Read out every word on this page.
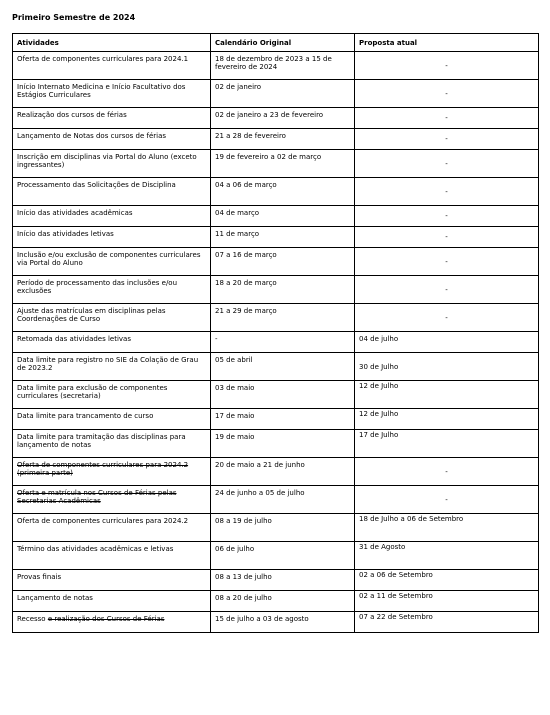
Primeiro Semestre de 2024
Atividades	Calendário Original	Proposta atual
Oferta de componentes curriculares para 2024.1	18 de dezembro de 2023 a 15 de fevereiro de 2024	-
Início Internato Medicina e Início Facultativo dos Estágios Curriculares	02 de janeiro	-
Realização dos cursos de férias	02 de janeiro a 23 de fevereiro	-
Lançamento de Notas dos cursos de férias	21 a 28 de fevereiro	-
Inscrição em disciplinas via Portal do Aluno (exceto ingressantes)	19 de fevereiro a 02 de março	-
Processamento das Solicitações de Disciplina	04 a 06 de março	-
Início das atividades acadêmicas	04 de março	-
Início das atividades letivas	11 de março	-
Inclusão e/ou exclusão de componentes curriculares via Portal do Aluno	07 a 16 de março	-
Período de processamento das inclusões e/ou exclusões	18 a 20 de março	-
Ajuste das matrículas em disciplinas pelas Coordenações de Curso	21 a 29 de março	-
Retomada das atividades letivas	-	04 de julho
Data limite para registro no SIE da Colação de Grau de 2023.2	05 de abril	30 de Julho
Data limite para exclusão de componentes curriculares (secretaria)	03 de maio	12 de Julho
Data limite para trancamento de curso	17 de maio	12 de Julho
Data limite para tramitação das disciplinas para lançamento de notas	19 de maio	17 de Julho
Oferta de componentes curriculares para 2024.2 (primeira parte)	20 de maio a 21 de junho	-
Oferta e matrícula nos Cursos de Férias pelas Secretarias Acadêmicas	24 de junho a 05 de julho	-
Oferta de componentes curriculares para 2024.2	08 a 19 de julho	18 de Julho a 06 de Setembro
Término das atividades acadêmicas e letivas	06 de julho	31 de Agosto
Provas finais	08 a 13 de julho	02 a 06 de Setembro
Lançamento de notas	08 a 20 de julho	02 a 11 de Setembro
Recesso e realização dos Cursos de Férias	15 de julho a 03 de agosto	07 a 22 de Setembro
